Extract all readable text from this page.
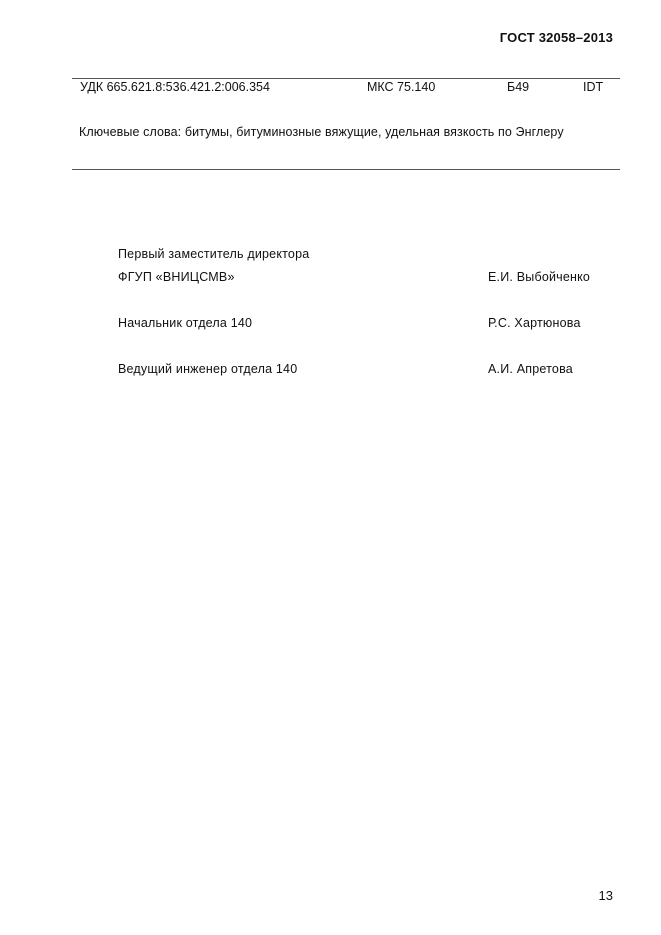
ГОСТ 32058–2013
УДК 665.621.8:536.421.2:006.354	МКС 75.140	Б49	IDT
Ключевые слова: битумы, битуминозные вяжущие, удельная вязкость по Энглеру
Первый заместитель директора
ФГУП «ВНИЦСМВ»	Е.И. Выбойченко
Начальник отдела 140	Р.С. Хартюнова
Ведущий инженер отдела 140	А.И. Апретова
13
